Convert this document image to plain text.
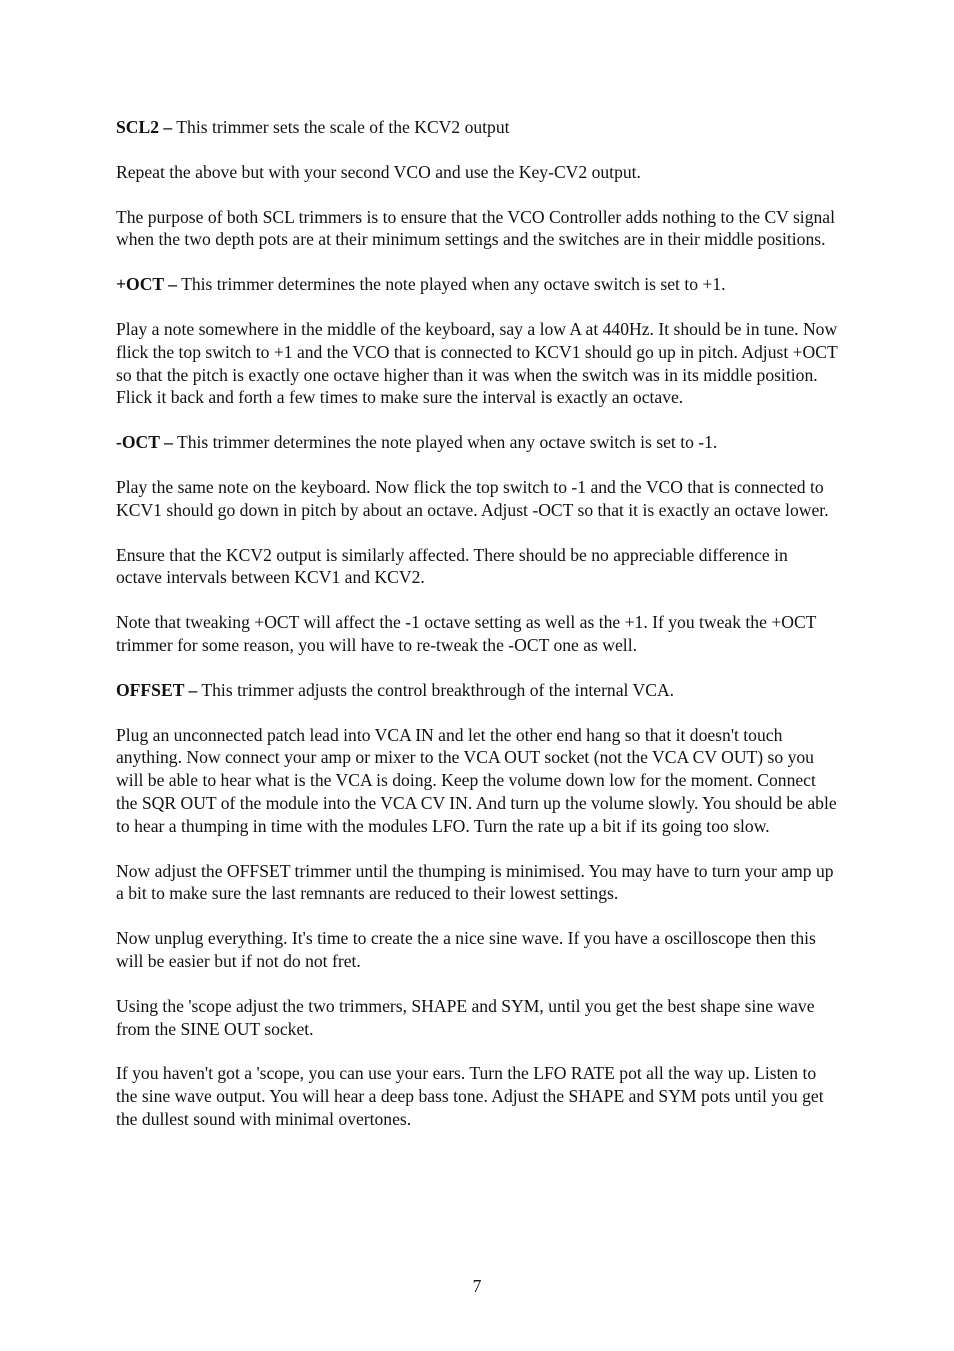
SCL2 – This trimmer sets the scale of the KCV2 output

Repeat the above but with your second VCO and use the Key-CV2 output.

The purpose of both SCL trimmers is to ensure that the VCO Controller adds nothing to the CV signal when the two depth pots are at their minimum settings and the switches are in their middle positions.

+OCT – This trimmer determines the note played when any octave switch is set to +1.

Play a note somewhere in the middle of the keyboard, say a low A at 440Hz. It should be in tune. Now flick the top switch to +1 and the VCO that is connected to KCV1 should go up in pitch. Adjust +OCT so that the pitch is exactly one octave higher than it was when the switch was in its middle position. Flick it back and forth a few times to make sure the interval is exactly an octave.

-OCT – This trimmer determines the note played when any octave switch is set to -1.

Play the same note on the keyboard. Now flick the top switch to -1 and the VCO that is connected to KCV1 should go down in pitch by about an octave. Adjust -OCT so that it is exactly an octave lower.

Ensure that the KCV2 output is similarly affected. There should be no appreciable difference in octave intervals between KCV1 and KCV2.

Note that tweaking +OCT will affect the -1 octave setting as well as the +1. If you tweak the +OCT trimmer for some reason, you will have to re-tweak the -OCT one as well.

OFFSET – This trimmer adjusts the control breakthrough of the internal VCA.

Plug an unconnected patch lead into VCA IN and let the other end hang so that it doesn't touch anything. Now connect your amp or mixer to the VCA OUT socket (not the VCA CV OUT) so you will be able to hear what is the VCA is doing. Keep the volume down low for the moment. Connect the SQR OUT of the module into the VCA CV IN. And turn up the volume slowly. You should be able to hear a thumping in time with the modules LFO. Turn the rate up a bit if its going too slow.

Now adjust the OFFSET trimmer until the thumping is minimised. You may have to turn your amp up a bit to make sure the last remnants are reduced to their lowest settings.

Now unplug everything. It's time to create the a nice sine wave. If you have a oscilloscope then this will be easier but if not do not fret.

Using the 'scope adjust the two trimmers, SHAPE and SYM, until you get the best shape sine wave from the SINE OUT socket.

If you haven't got a 'scope, you can use your ears. Turn the LFO RATE pot all the way up. Listen to the sine wave output. You will hear a deep bass tone. Adjust the SHAPE and SYM pots until you get the dullest sound with minimal overtones.

7
